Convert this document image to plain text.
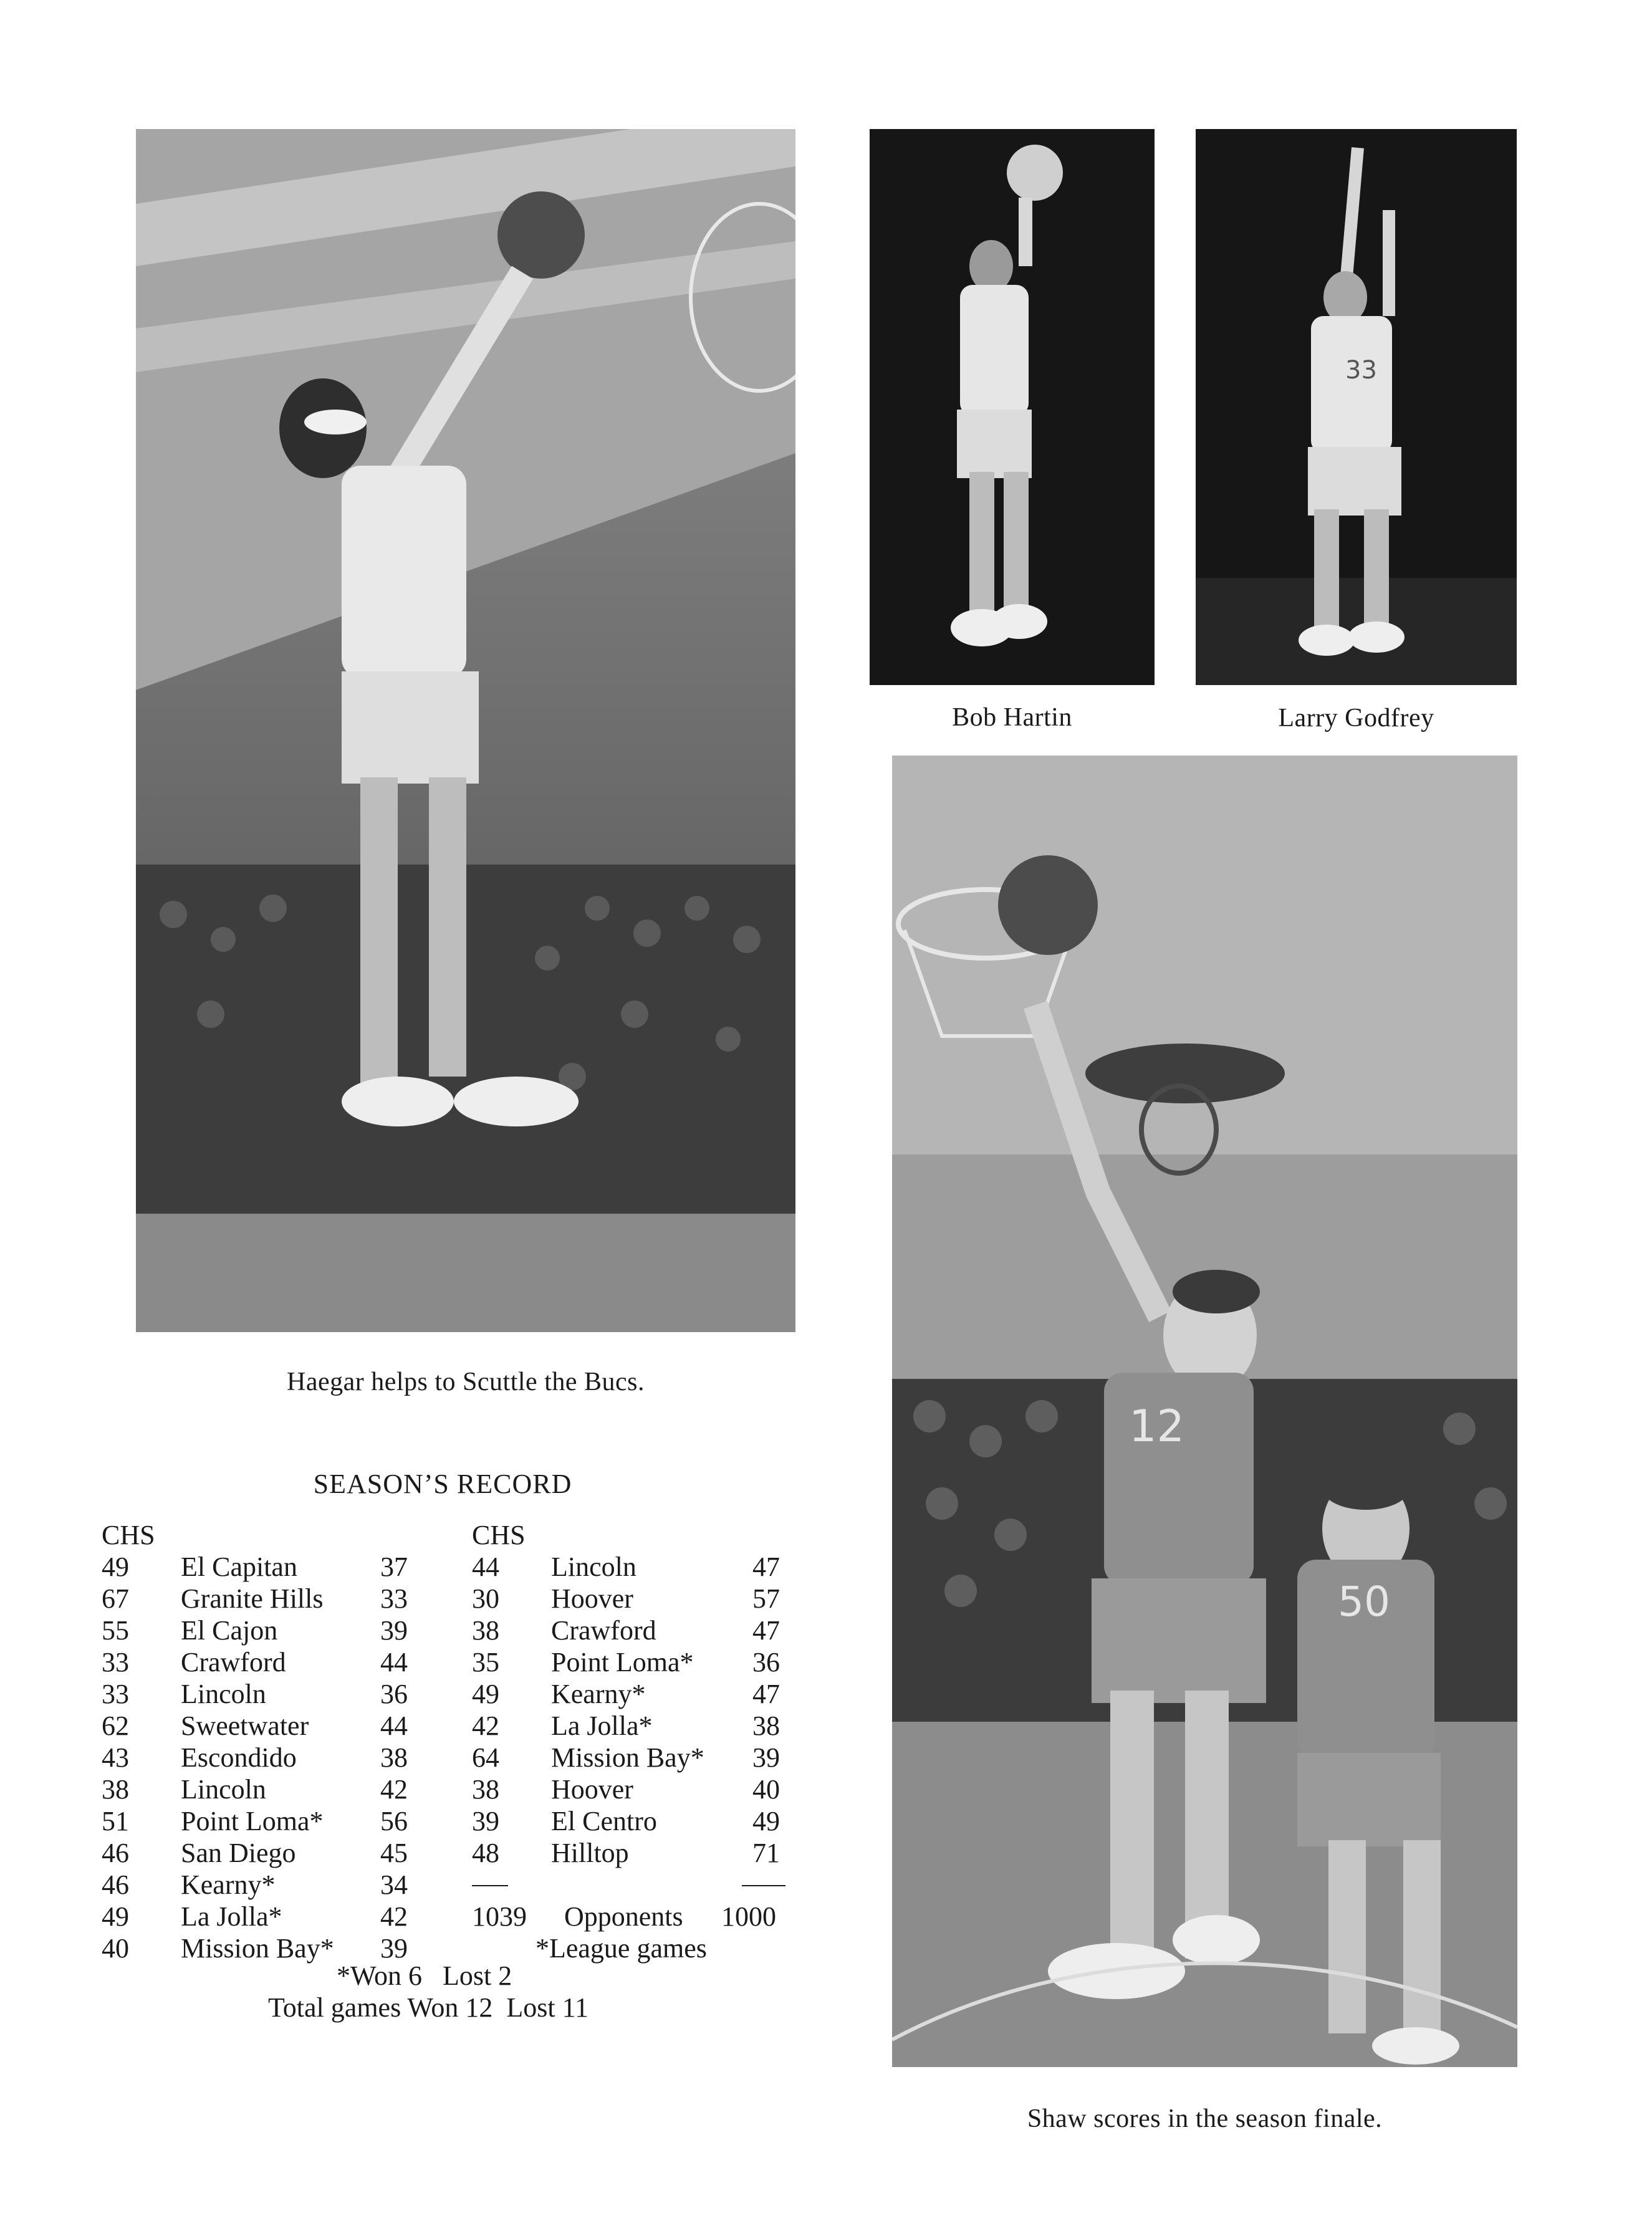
33
12
50
Bob Hartin	Larry Godfrey
Haegar helps to Scuttle the Bucs.
Shaw scores in the season finale.
SEASON’S RECORD
CHS	CHS
49 El Capitan	37
67 Granite Hills 33
55 El Cajon	39
33 Crawford	44
33 Lincoln	36
62 Sweetwater	44
43 Escondido	38
38 Lincoln	42
51 Point Loma* 56
46 San Diego	45
46 Kearny*	34
49 La Jolla*	42
40 Mission Bay* 39
44 Lincoln	47
30 Hoover	57
38 Crawford	47
35 Point Loma* 36
49 Kearny*	47
42 La Jolla*	38
64 Mission Bay* 39
38 Hoover	40
39 El Centro	49
48 Hilltop	71
1039 Opponents 1000
*League games
*Won 6   Lost 2
Total games Won 12  Lost 11
